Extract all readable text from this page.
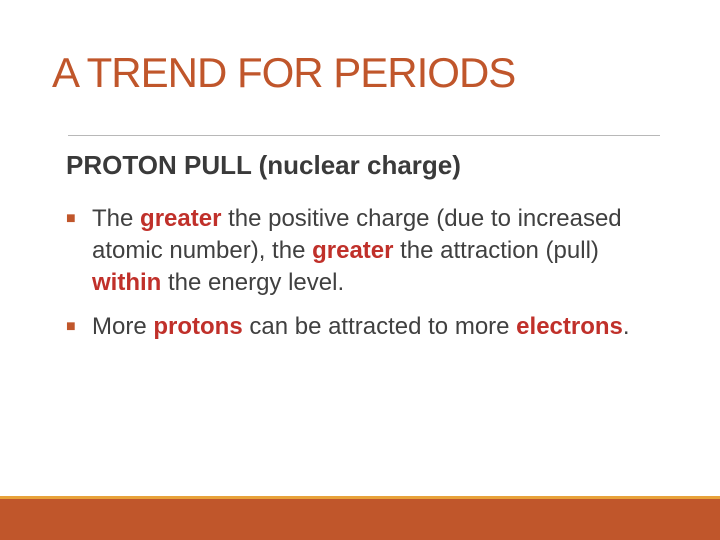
A TREND FOR PERIODS
PROTON PULL (nuclear charge)
■ The greater the positive charge (due to increased atomic number), the greater the attraction (pull) within the energy level.
■ More protons can be attracted to more electrons.
